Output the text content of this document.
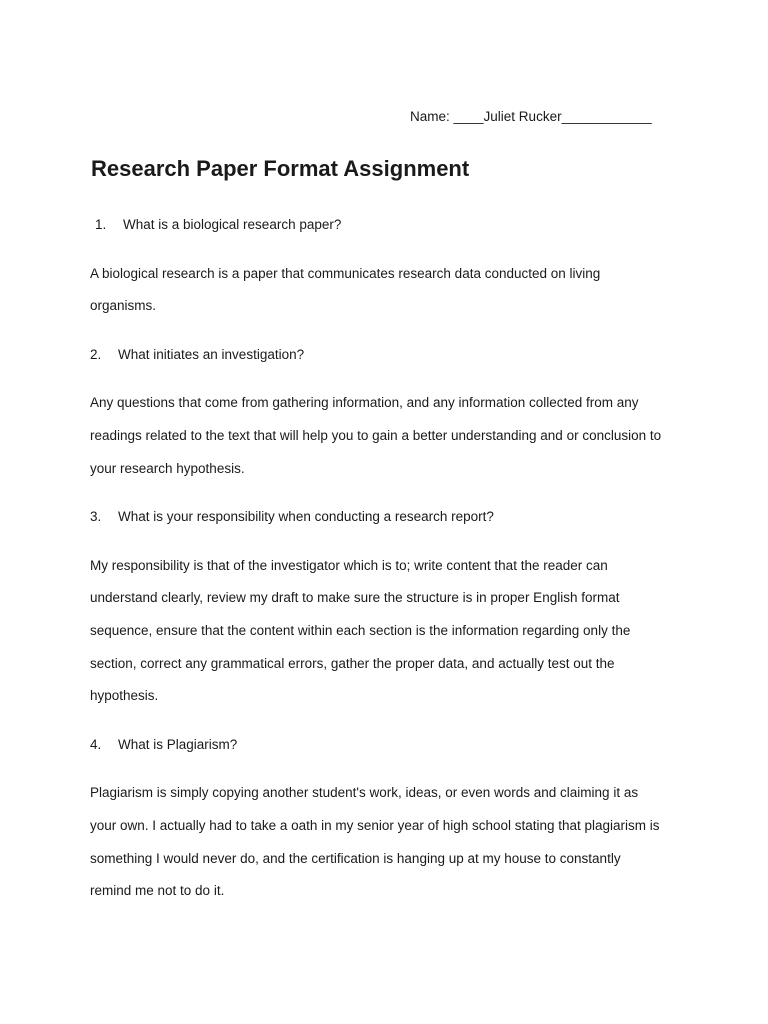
Name: ____Juliet Rucker____________
Research Paper Format Assignment
1. What is a biological research paper?
A biological research is a paper that communicates research data conducted on living
organisms.
2. What initiates an investigation?
Any questions that come from gathering information, and any information collected from any
readings related to the text that will help you to gain a better understanding and or conclusion to
your research hypothesis.
3. What is your responsibility when conducting a research report?
My responsibility is that of the investigator which is to; write content that the reader can
understand clearly, review my draft to make sure the structure is in proper English format
sequence, ensure that the content within each section is the information regarding only the
section, correct any grammatical errors, gather the proper data, and actually test out the
hypothesis.
4. What is Plagiarism?
Plagiarism is simply copying another student's work, ideas, or even words and claiming it as
your own. I actually had to take a oath in my senior year of high school stating that plagiarism is
something I would never do, and the certification is hanging up at my house to constantly
remind me not to do it.
